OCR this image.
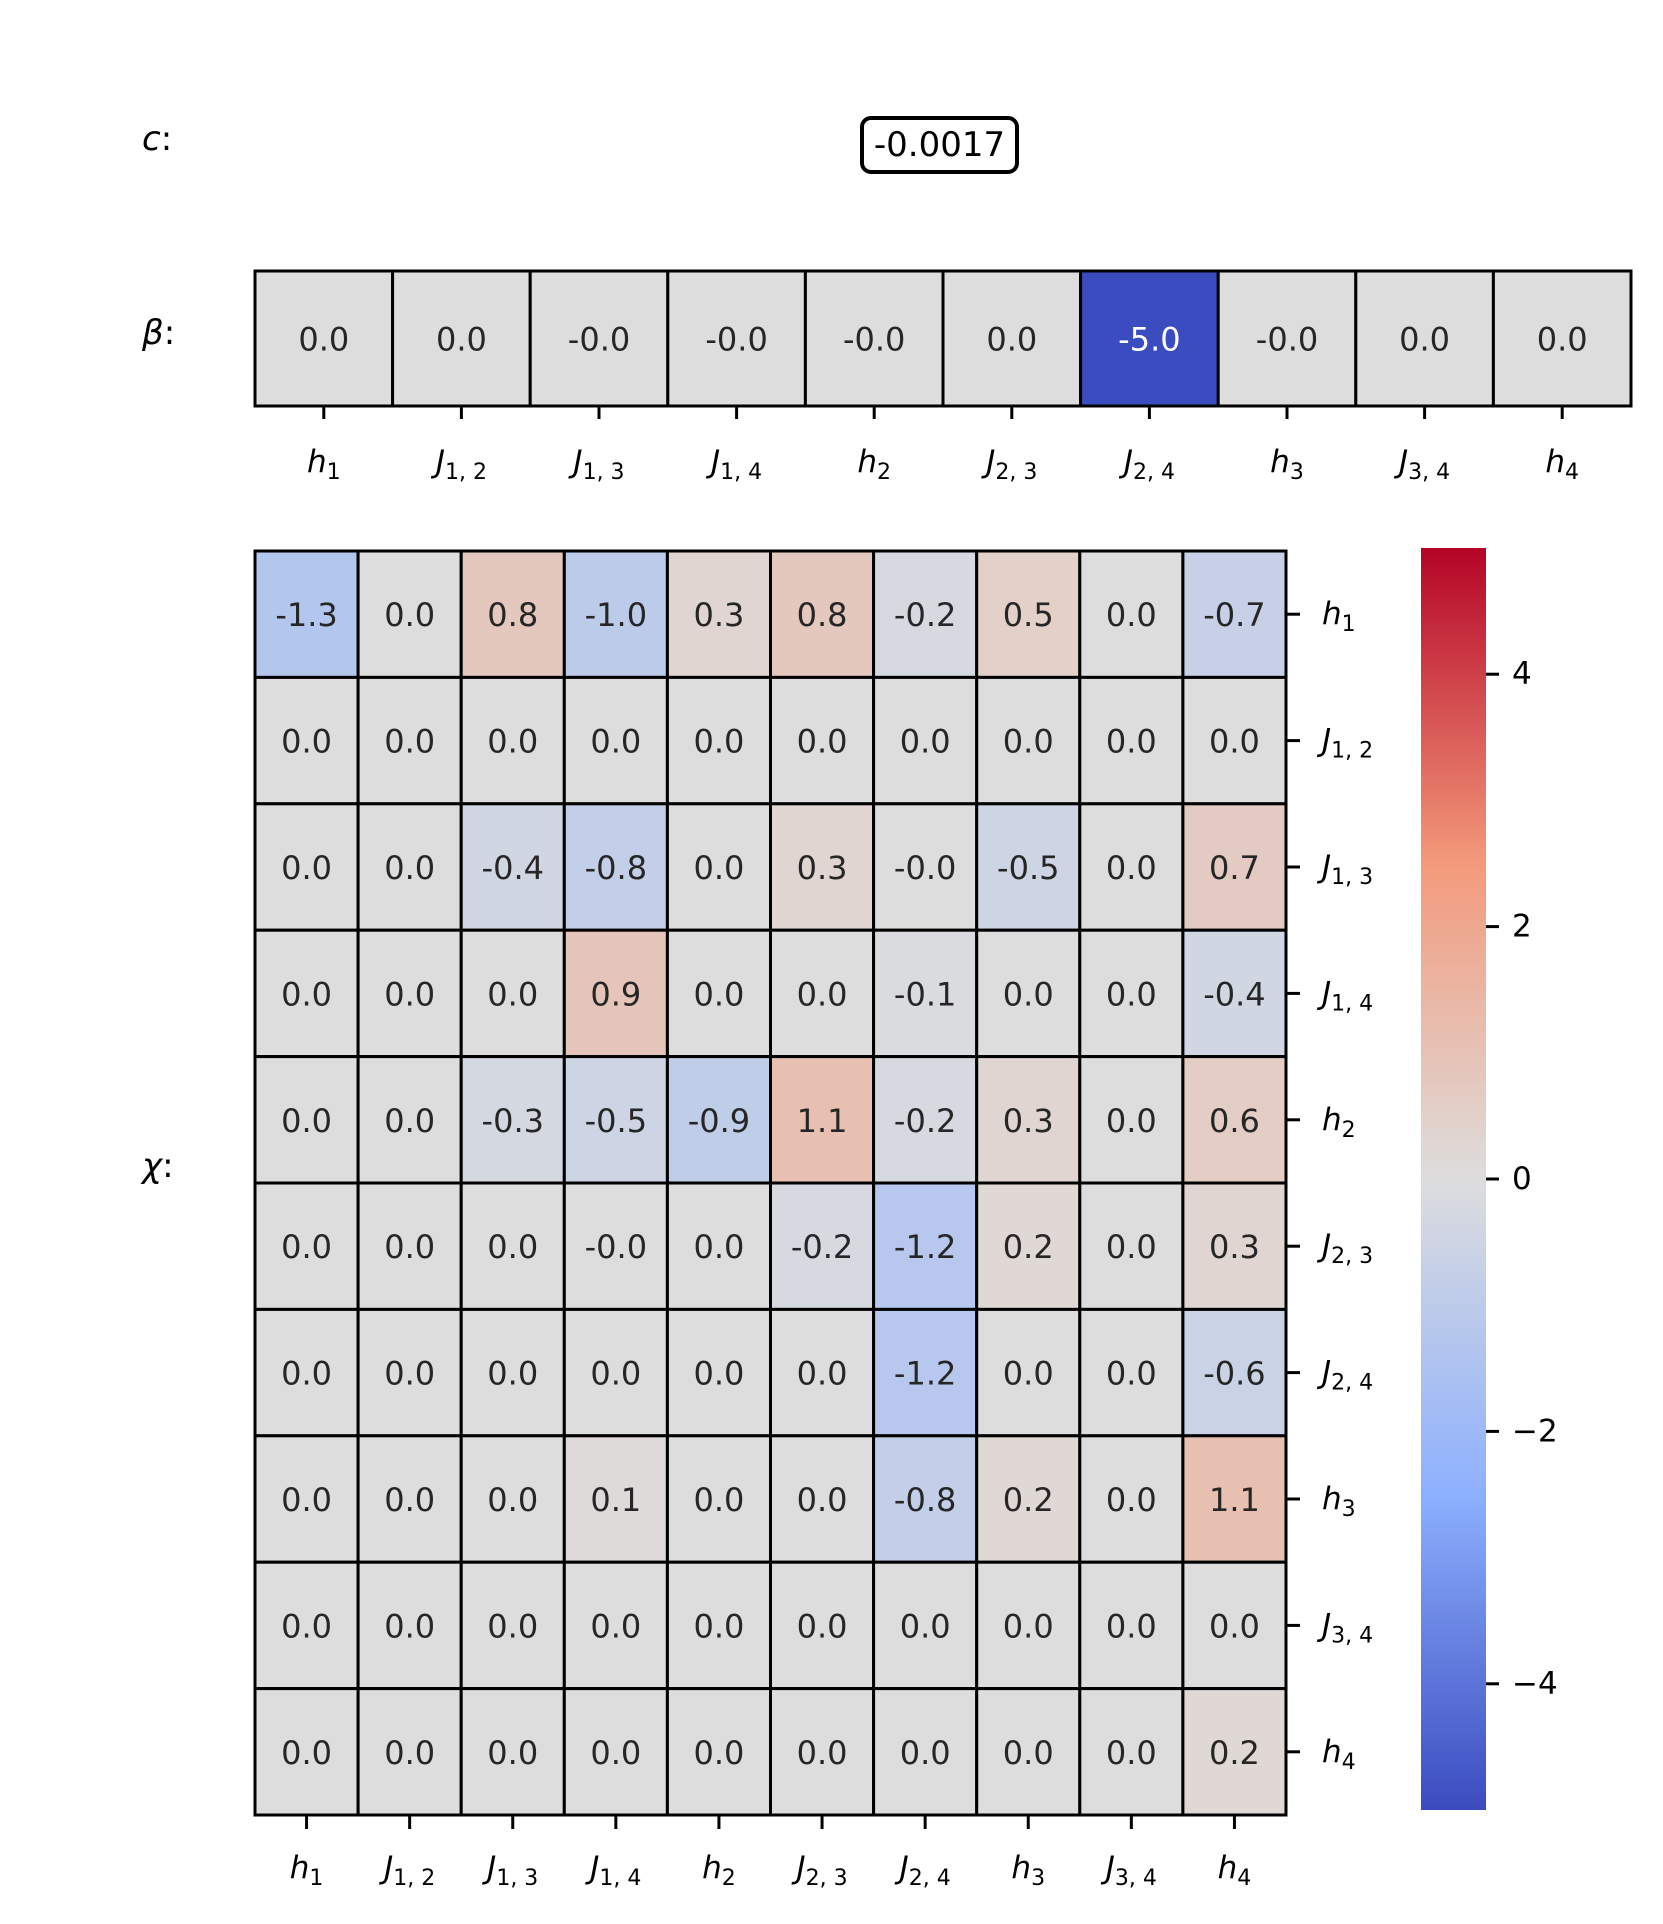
c:
β:
χ:
-0.0017
0.0
$h_1$
0.0
$J_{1, 2}$
-0.0
$J_{1, 3}$
-0.0
$J_{1, 4}$
-0.0
$h_2$
0.0
$J_{2, 3}$
-5.0
$J_{2, 4}$
-0.0
$h_3$
0.0
$J_{3, 4}$
0.0
$h_4$
-1.3 0.0 0.8 -1.0 0.3 0.8 -0.2 0.5 0.0 -0.7
0.0 0.0 0.0 0.0 0.0 0.0 0.0 0.0 0.0 0.0
0.0 0.0 -0.4 -0.8 0.0 0.3 -0.0 -0.5 0.0 0.7
0.0 0.0 0.0 0.9 0.0 0.0 -0.1 0.0 0.0 -0.4
0.0 0.0 -0.3 -0.5 -0.9 1.1 -0.2 0.3 0.0 0.6
0.0 0.0 0.0 -0.0 0.0 -0.2 -1.2 0.2 0.0 0.3
0.0 0.0 0.0 0.0 0.0 0.0 -1.2 0.0 0.0 -0.6
0.0 0.0 0.0 0.1 0.0 0.0 -0.8 0.2 0.0 1.1
0.0 0.0 0.0 0.0 0.0 0.0 0.0 0.0 0.0 0.0
0.0 0.0 0.0 0.0 0.0 0.0 0.0 0.0 0.0 0.2
$h_1$
$h_1$
$J_{1, 2}$
$J_{1, 2}$
$J_{1, 3}$
$J_{1, 3}$
$J_{1, 4}$
$J_{1, 4}$
$h_2$
$h_2$
$J_{2, 3}$
$J_{2, 3}$
$J_{2, 4}$
$J_{2, 4}$
$h_3$
$h_3$
$J_{3, 4}$
$J_{3, 4}$
$h_4$
$h_4$
4
2
0
−2
−4
